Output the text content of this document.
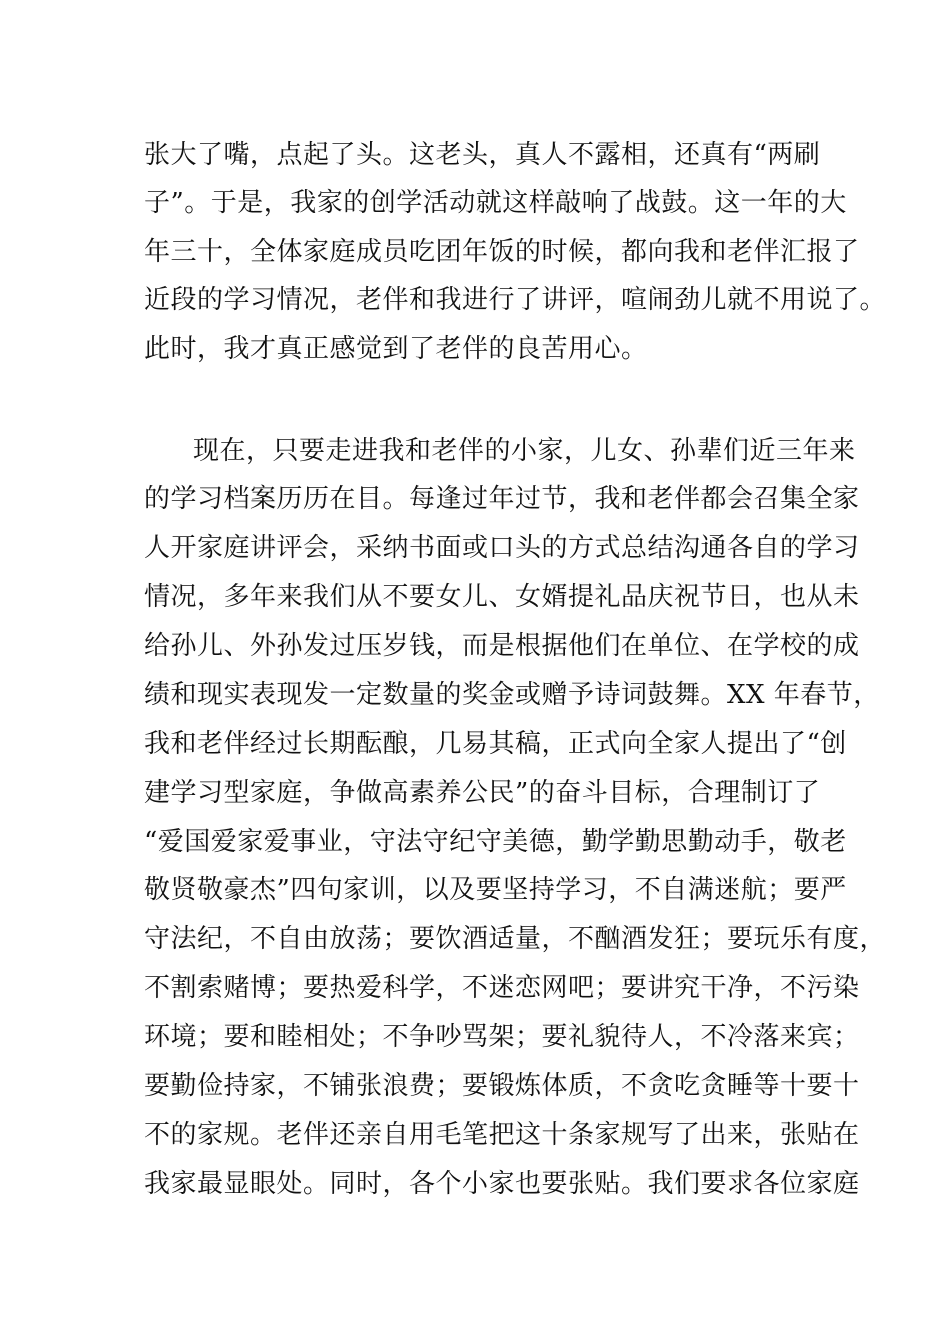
张大了嘴，点起了头。这老头，真人不露相，还真有“两刷
子”。于是，我家的创学活动就这样敲响了战鼓。这一年的大
年三十，全体家庭成员吃团年饭的时候，都向我和老伴汇报了
近段的学习情况，老伴和我进行了讲评，喧闹劲儿就不用说了。
此时，我才真正感觉到了老伴的良苦用心。
现在，只要走进我和老伴的小家，儿女、孙辈们近三年来
的学习档案历历在目。每逢过年过节，我和老伴都会召集全家
人开家庭讲评会，采纳书面或口头的方式总结沟通各自的学习
情况，多年来我们从不要女儿、女婿提礼品庆祝节日，也从未
给孙儿、外孙发过压岁钱，而是根据他们在单位、在学校的成
绩和现实表现发一定数量的奖金或赠予诗词鼓舞。XX 年春节，
我和老伴经过长期酝酿，几易其稿，正式向全家人提出了“创
建学习型家庭，争做高素养公民”的奋斗目标，合理制订了
“爱国爱家爱事业，守法守纪守美德，勤学勤思勤动手，敬老
敬贤敬豪杰”四句家训，以及要坚持学习，不自满迷航；要严
守法纪，不自由放荡；要饮酒适量，不酗酒发狂；要玩乐有度，
不割索赌博；要热爱科学，不迷恋网吧；要讲究干净，不污染
环境；要和睦相处；不争吵骂架；要礼貌待人，不冷落来宾；
要勤俭持家，不铺张浪费；要锻炼体质，不贪吃贪睡等十要十
不的家规。老伴还亲自用毛笔把这十条家规写了出来，张贴在
我家最显眼处。同时，各个小家也要张贴。我们要求各位家庭
